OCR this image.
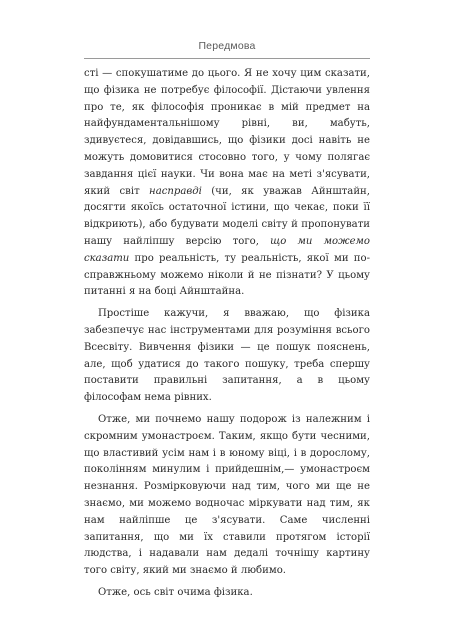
Передмова

сті — спокушатиме до цього. Я не хочу цим сказати, що фізика не потребує філософії. Дістаючи увлення про те, як філософія проникає в мій предмет на найфундаментальнішому рівні, ви, мабуть, здивуєтеся, довідавшись, що фізики досі навіть не можуть домовитися стосовно того, у чому полягає завдання цієї науки. Чи вона має на меті з'ясувати, який світ насправді (чи, як уважав Айнштайн, досягти якоїсь остаточної істини, що чекає, поки її відкриють), або будувати моделі світу й пропонувати нашу найліпшу версію того, що ми можемо сказати про реальність, ту реальність, якої ми по-справжньому можемо ніколи й не пізнати? У цьому питанні я на боці Айнштайна.

Простіше кажучи, я вважаю, що фізика забезпечує нас інструментами для розуміння всього Всесвіту. Вивчення фізики — це пошук пояснень, але, щоб удатися до такого пошуку, треба спершу поставити правильні запитання, а в цьому філософам нема рівних.

Отже, ми почнемо нашу подорож із належним і скромним умонастроєм. Таким, якщо бути чесними, що властивий усім нам і в юному віці, і в дорослому, поколінням минулим і прийдешнім,— умонастроєм незнання. Розмірковуючи над тим, чого ми ще не знаємо, ми можемо водночас міркувати над тим, як нам найліпше це з'ясувати. Саме численні запитання, що ми їх ставили протягом історії людства, і надавали нам дедалі точнішу картину того світу, який ми знаємо й любимо.

Отже, ось світ очима фізика.
